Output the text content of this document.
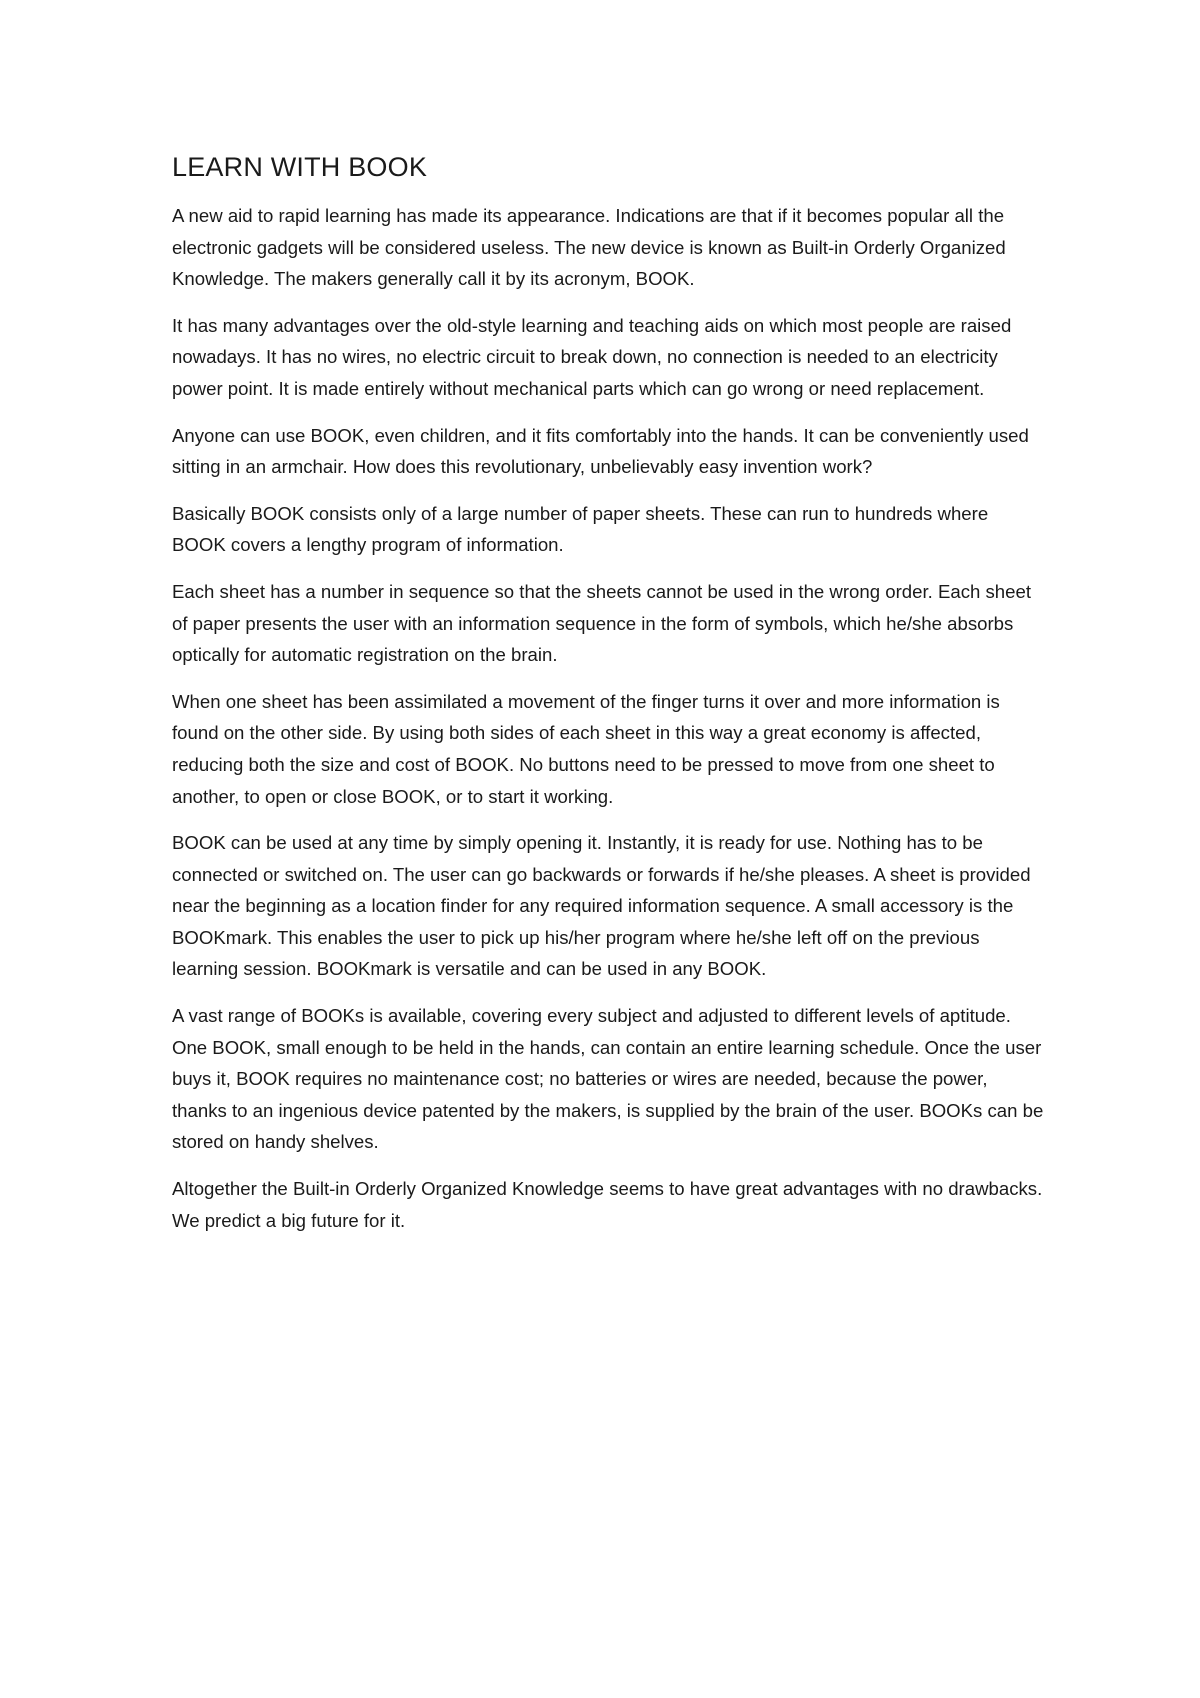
LEARN WITH BOOK

A new aid to rapid learning has made its appearance. Indications are that if it becomes popular all the electronic gadgets will be considered useless. The new device is known as Built-in Orderly Organized Knowledge. The makers generally call it by its acronym, BOOK.

It has many advantages over the old-style learning and teaching aids on which most people are raised nowadays. It has no wires, no electric circuit to break down, no connection is needed to an electricity power point. It is made entirely without mechanical parts which can go wrong or need replacement.

Anyone can use BOOK, even children, and it fits comfortably into the hands. It can be conveniently used sitting in an armchair. How does this revolutionary, unbelievably easy invention work?

Basically BOOK consists only of a large number of paper sheets. These can run to hundreds where BOOK covers a lengthy program of information.

Each sheet has a number in sequence so that the sheets cannot be used in the wrong order. Each sheet of paper presents the user with an information sequence in the form of symbols, which he/she absorbs optically for automatic registration on the brain.

When one sheet has been assimilated a movement of the finger turns it over and more information is found on the other side. By using both sides of each sheet in this way a great economy is affected, reducing both the size and cost of BOOK. No buttons need to be pressed to move from one sheet to another, to open or close BOOK, or to start it working.

BOOK can be used at any time by simply opening it. Instantly, it is ready for use. Nothing has to be connected or switched on. The user can go backwards or forwards if he/she pleases. A sheet is provided near the beginning as a location finder for any required information sequence. A small accessory is the BOOKmark. This enables the user to pick up his/her program where he/she left off on the previous learning session. BOOKmark is versatile and can be used in any BOOK.

A vast range of BOOKs is available, covering every subject and adjusted to different levels of aptitude. One BOOK, small enough to be held in the hands, can contain an entire learning schedule. Once the user buys it, BOOK requires no maintenance cost; no batteries or wires are needed, because the power, thanks to an ingenious device patented by the makers, is supplied by the brain of the user. BOOKs can be stored on handy shelves.

Altogether the Built-in Orderly Organized Knowledge seems to have great advantages with no drawbacks. We predict a big future for it.
